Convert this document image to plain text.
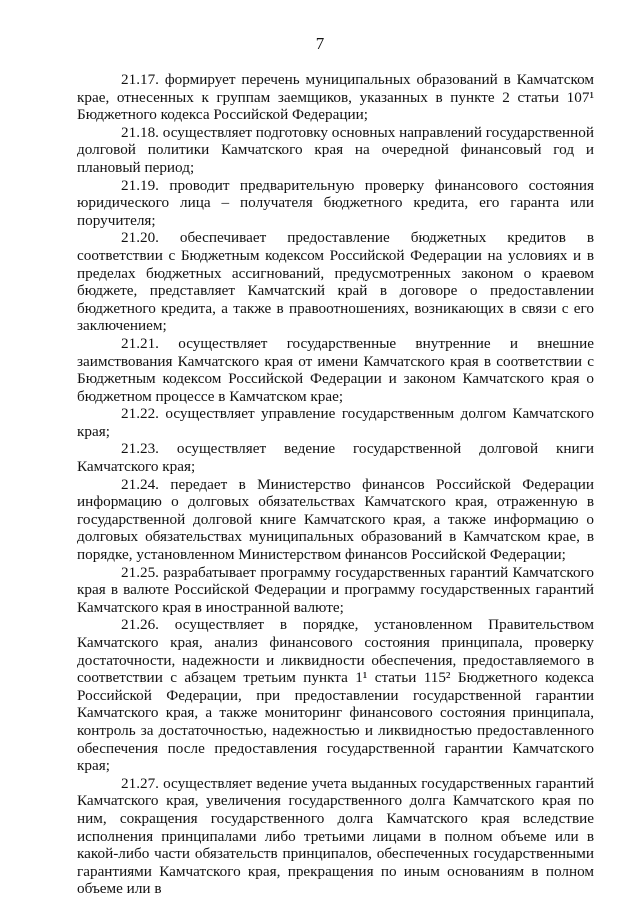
7

21.17. формирует перечень муниципальных образований в Камчатском крае, отнесенных к группам заемщиков, указанных в пункте 2 статьи 107¹ Бюджетного кодекса Российской Федерации;

21.18. осуществляет подготовку основных направлений государственной долговой политики Камчатского края на очередной финансовый год и плановый период;

21.19. проводит предварительную проверку финансового состояния юридического лица – получателя бюджетного кредита, его гаранта или поручителя;

21.20. обеспечивает предоставление бюджетных кредитов в соответствии с Бюджетным кодексом Российской Федерации на условиях и в пределах бюджетных ассигнований, предусмотренных законом о краевом бюджете, представляет Камчатский край в договоре о предоставлении бюджетного кредита, а также в правоотношениях, возникающих в связи с его заключением;

21.21. осуществляет государственные внутренние и внешние заимствования Камчатского края от имени Камчатского края в соответствии с Бюджетным кодексом Российской Федерации и законом Камчатского края о бюджетном процессе в Камчатском крае;

21.22. осуществляет управление государственным долгом Камчатского края;

21.23. осуществляет ведение государственной долговой книги Камчатского края;

21.24. передает в Министерство финансов Российской Федерации информацию о долговых обязательствах Камчатского края, отраженную в государственной долговой книге Камчатского края, а также информацию о долговых обязательствах муниципальных образований в Камчатском крае, в порядке, установленном Министерством финансов Российской Федерации;

21.25. разрабатывает программу государственных гарантий Камчатского края в валюте Российской Федерации и программу государственных гарантий Камчатского края в иностранной валюте;

21.26. осуществляет в порядке, установленном Правительством Камчатского края, анализ финансового состояния принципала, проверку достаточности, надежности и ликвидности обеспечения, предоставляемого в соответствии с абзацем третьим пункта 1¹ статьи 115² Бюджетного кодекса Российской Федерации, при предоставлении государственной гарантии Камчатского края, а также мониторинг финансового состояния принципала, контроль за достаточностью, надежностью и ликвидностью предоставленного обеспечения после предоставления государственной гарантии Камчатского края;

21.27. осуществляет ведение учета выданных государственных гарантий Камчатского края, увеличения государственного долга Камчатского края по ним, сокращения государственного долга Камчатского края вследствие исполнения принципалами либо третьими лицами в полном объеме или в какой-либо части обязательств принципалов, обеспеченных государственными гарантиями Камчатского края, прекращения по иным основаниям в полном объеме или в
